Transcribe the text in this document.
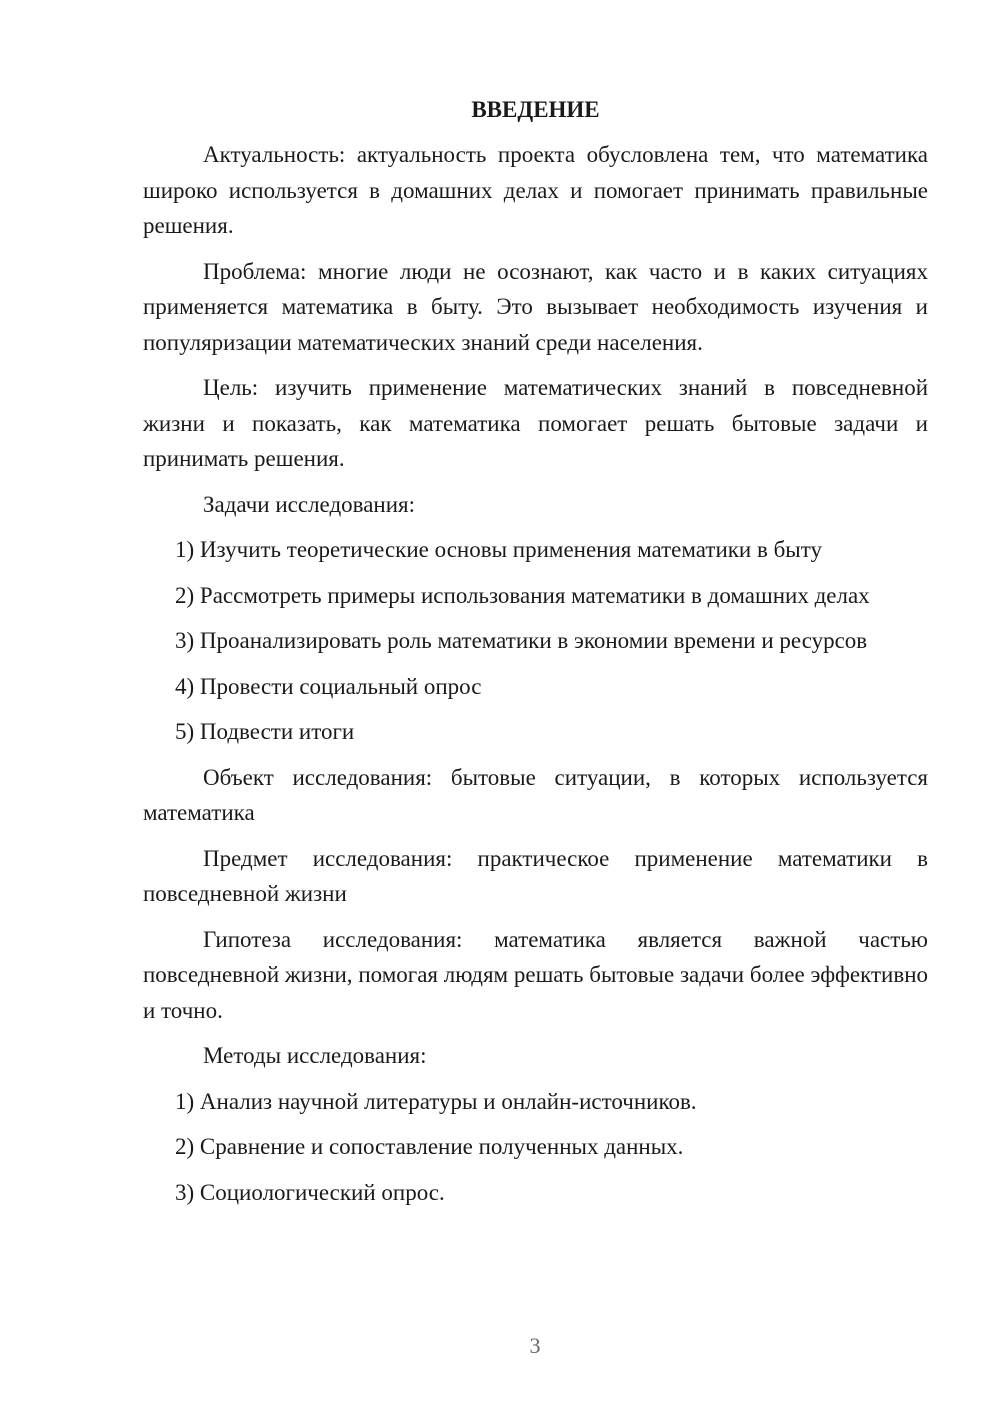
ВВЕДЕНИЕ

Актуальность: актуальность проекта обусловлена тем, что математика широко используется в домашних делах и помогает принимать правильные решения.

Проблема: многие люди не осознают, как часто и в каких ситуациях применяется математика в быту. Это вызывает необходимость изучения и популяризации математических знаний среди населения.

Цель: изучить применение математических знаний в повседневной жизни и показать, как математика помогает решать бытовые задачи и принимать решения.

Задачи исследования:

1) Изучить теоретические основы применения математики в быту

2) Рассмотреть примеры использования математики в домашних делах

3) Проанализировать роль математики в экономии времени и ресурсов

4) Провести социальный опрос

5) Подвести итоги

Объект исследования: бытовые ситуации, в которых используется математика

Предмет исследования: практическое применение математики в повседневной жизни

Гипотеза исследования: математика является важной частью повседневной жизни, помогая людям решать бытовые задачи более эффективно и точно.

Методы исследования:

1) Анализ научной литературы и онлайн-источников.

2) Сравнение и сопоставление полученных данных.

3) Социологический опрос.

3
